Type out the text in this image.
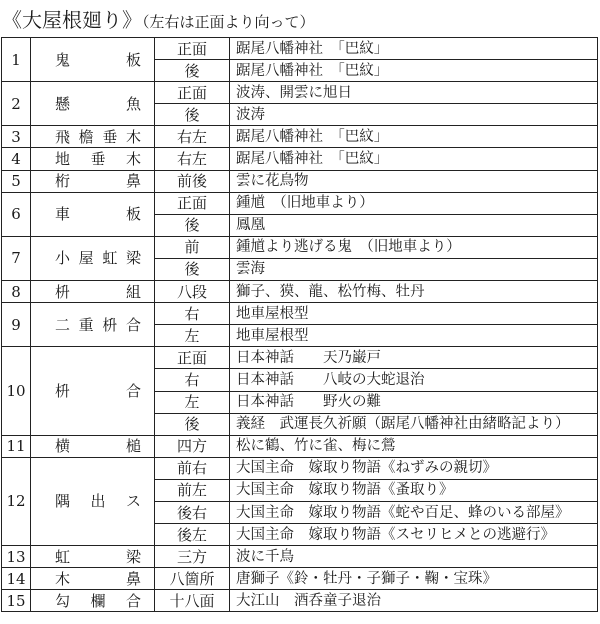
《大屋根廻り》（左右は正面より向って）
1	鬼　　板	正面	踞尾八幡神社　「巴紋」
		後	踞尾八幡神社　「巴紋」
2	懸　　魚	正面	波涛、開雲に旭日
		後	波涛
3	飛檐垂木	右左	踞尾八幡神社　「巴紋」
4	地垂木	右左	踞尾八幡神社　「巴紋」
5	桁　　鼻	前後	雲に花鳥物
6	車　　板	正面	鍾馗　（旧地車より）
		後	鳳凰
7	小屋虹梁	前	鍾馗より逃げる鬼　（旧地車より）
		後	雲海
8	枡　　組	八段	獅子、獏、龍、松竹梅、牡丹
9	二重枡合	右	地車屋根型
		左	地車屋根型
10	枡　　合	正面	日本神話　　天乃巌戸
		右	日本神話　　八岐の大蛇退治
		左	日本神話　　野火の難
		後	義経　武運長久祈願（踞尾八幡神社由緒略記より）
11	横　　槌	四方	松に鶴、竹に雀、梅に鶯
12	隅出ス	前右	大国主命　嫁取り物語《ねずみの親切》
		前左	大国主命　嫁取り物語《蚤取り》
		後右	大国主命　嫁取り物語《蛇や百足、蜂のいる部屋》
		後左	大国主命　嫁取り物語《スセリヒメとの逃避行》
13	虹　　梁	三方	波に千鳥
14	木　　鼻	八箇所	唐獅子《鈴・牡丹・子獅子・鞠・宝珠》
15	勾欄合	十八面	大江山　酒呑童子退治
